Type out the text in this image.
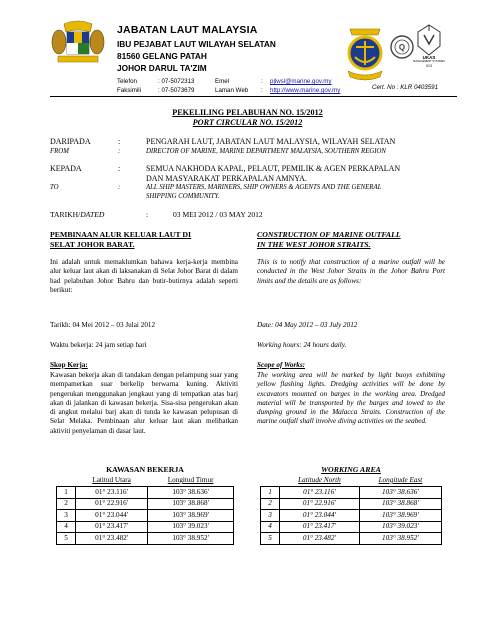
JABATAN LAUT MALAYSIA
IBU PEJABAT LAUT WILAYAH SELATAN
81560 GELANG PATAH
JOHOR DARUL TA'ZIM
Telefon	: 07-5072313
Faksimili	: 07-5073679
Emel	: pjlwsl@marine.gov.my
Laman Web : http://www.marine.gov.my
Q
UKAS
MANAGEMENT SYSTEMS
013
Cert. No : KLR 0403591
PEKELILING PELABUHAN NO. 15/2012
PORT CIRCULAR NO. 15/2012
DARIPADA	:	PENGARAH LAUT, JABATAN LAUT MALAYSIA, WILAYAH SELATAN
FROM	:	DIRECTOR OF MARINE, MARINE DEPARTMENT MALAYSIA, SOUTHERN REGION
KEPADA	:	SEMUA NAKHODA KAPAL, PELAUT, PEMILIK & AGEN PERKAPALAN
DAN MASYARAKAT PERKAPALAN AMNYA.
TO	:	ALL SHIP MASTERS, MARINERS, SHIP OWNERS & AGENTS AND THE GENERAL
SHIPPING COMMUNITY.
TARIKH/DATED	:	03 MEI 2012 / 03 MAY 2012
PEMBINAAN ALUR KELUAR LAUT DI
SELAT JOHOR BARAT.
Ini adalah untuk memaklumkan bahawa kerja-kerja membina alur keluar laut akan di laksanakan di Selat Johor Barat di dalam had pelabuhan Johor Bahru dan butir-butirnya adalah seperti berikut:
Tarikh: 04 Mei 2012 – 03 Julai 2012
Waktu bekerja: 24 jam setiap hari
Skop Kerja:
Kawasan bekerja akan di tandakan dengan pelampung suar yang mempamerkan suar berkelip berwarna kuning. Aktiviti pengerukan menggunakan jengkaut yang di tempatkan atas barj akan di jalankan di kawasan bekerja. Sisa-sisa pengerukan akan di angkut melalui barj akan di tunda ke kawasan pelupusan di Selat Melaka. Pembinaan alur keluar laut akan melibatkan aktiviti penyelaman di dasar laut.
CONSTRUCTION OF MARINE OUTFALL
IN THE WEST JOHOR STRAITS.
This is to notify that construction of a marine outfall will be conducted in the West Johor Straits in the Johor Bahru Port limits and the details are as follows:
Date: 04 May 2012 – 03 July 2012
Working hours: 24 hours daily.
Scope of Works:
The working area will be marked by light buoys exhibiting yellow flashing lights. Dredging activities will be done by excavators mounted on barges in the working area. Dredged material will be transported by the barges and towed to the dumping ground in the Malacca Straits. Construction of the marine outfall shall involve diving activities on the seabed.
KAWASAN BEKERJA
	Latitud Utara	Longitud Timur
1	01° 23.116'	103° 38.636'
2	01° 22.916'	103° 38.868'
3	01° 23.044'	103° 38.969'
4	01° 23.417'	103° 39.023'
5	01° 23.482'	103° 38.952'
WORKING AREA
	Latitude North	Longitude East
1	01° 23.116'	103° 38.636'
2	01° 22.916'	103° 38.868'
3	01° 23.044'	103° 38.969'
4	01° 23.417'	103° 39.023'
5	01° 23.482'	103° 38.952'
